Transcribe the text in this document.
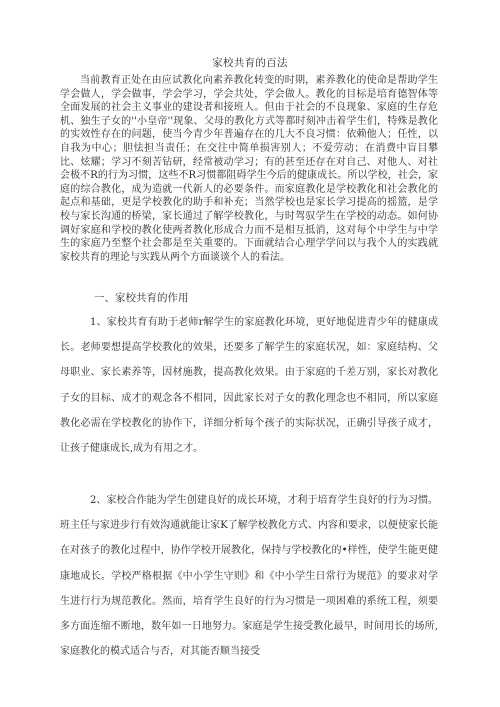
家校共育的百法

当前教育正处在由应试教化向素养教化转变的时期，素养教化的使命是帮助学生学会做人，学会做事，学会学习，学会共处，学会做人。教化的目标是培育德智体等全面发展的社会主义事业的建设者和接班人。但由于社会的不良现象、家庭的生存危机、独生子女的''小皇帝''现象、父母的教化方式等都时刻冲击着学生们，特殊是教化的实效性存在的问题，使当今青少年普遍存在的几大不良习惯：依赖他人；任性，以自我为中心；胆怯担当责任；在交往中简单损害别人；不爱劳动；在消费中盲目攀比、炫耀；学习不刻苦钻研，经常被动学习；有的甚至还存在对自己、对他人、对社会极不R的行为习惯，这些不R习惯都阻碍学生今后的健康成长。所以学校，社会，家庭的综合教化，成为造就一代新人的必要条件。而家庭教化是学校教化和社会教化的起点和基础，更是学校教化的助手和补充；当然学校也是家长学习提高的摇篮，是学校与家长沟通的桥梁，家长通过了解学校教化，与时驾驭学生在学校的动态。如何协调好家庭和学校的教化使两者教化形成合力而不是相互抵消，这对每个中学生与中学生的家庭乃至整个社会都是至关重要的。下面就结合心理学学问以与我个人的实践就家校共育的理论与实践从两个方面谈谈个人的看法。

一、家校共育的作用

1、家校共育有助于老师r解学生的家庭教化环境，更好地促进青少年的健康成长。老师要想提高学校教化的效果，还要多了解学生的家庭状况，如：家庭结构、父母职业、家长素养等，因材施教，提高教化效果。由于家庭的千差万别，家长对教化子女的目标、成才的观念各不相同，因此家长对子女的教化理念也不相同，所以家庭教化必需在学校教化的协作下，详细分析每个孩子的实际状况，正确引导孩子成才，让孩子健康成长,成为有用之才。

2、家校合作能为学生创建良好的成长环境，才利于培育学生良好的行为习惯。班主任与家进步行有效沟通就能让家K了解学校教化方式、内容和要求，以便使家长能在对孩子的教化过程中，协作学校开展教化，保持与学校教化的•样性，使学生能更健康地成长。学校严格根据《中小学生守则》和《中小学生日常行为规范》的要求对学生进行行为规范教化。然而，培育学生良好的行为习惯是一项困难的系统工程，须要多方面连缩不断地，数年如一日地努力。家庭是学生接受教化最早，时间用长的场所,家庭教化的模式适合与否，对其能否顺当接受
